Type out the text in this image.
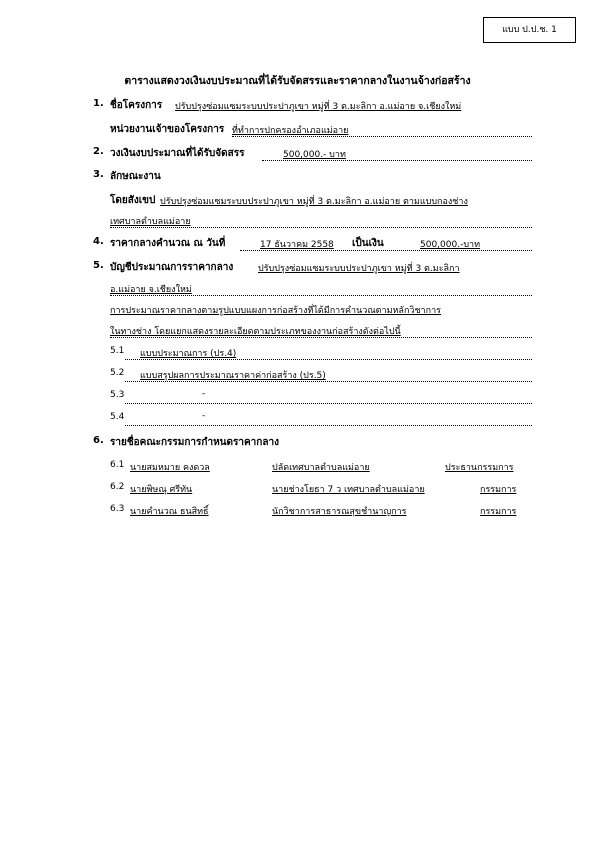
แบบ ป.ป.ช. 1
ตารางแสดงวงเงินงบประมาณที่ได้รับจัดสรรและราคากลางในงานจ้างก่อสร้าง
1. ชื่อโครงการ ปรับปรุงซ่อมแซมระบบประปาภูเขา หมู่ที่ 3 ต.มะลิกา อ.แม่อาย จ.เชียงใหม่
หน่วยงานเจ้าของโครงการ ที่ทำการปกครองอำเภอแม่อาย
2. วงเงินงบประมาณที่ได้รับจัดสรร	500,000.- บาท
3. ลักษณะงาน
โดยสังเขป ปรับปรุงซ่อมแซมระบบประปาภูเขา หมู่ที่ 3 ต.มะลิกา อ.แม่อาย ตามแบบกองช่าง
เทศบาลตำบลแม่อาย
4. ราคากลางคำนวณ ณ วันที่	17 ธันวาคม 2558 เป็นเงิน	500,000.-บาท
5. บัญชีประมาณการราคากลาง	ปรับปรุงซ่อมแซมระบบประปาภูเขา หมู่ที่ 3 ต.มะลิกา
อ.แม่อาย จ.เชียงใหม่
การประมาณราคากลางตามรูปแบบแผงการก่อสร้างที่ได้มีการคำนวณตามหลักวิชาการ
ในทางช่าง โดยแยกแสดงรายละเอียดตามประเภทของงานก่อสร้างดังต่อไปนี้
5.1 แบบประมาณการ (ปร.4)
5.2 แบบสรุปผลการประมาณราคาค่าก่อสร้าง (ปร.5)
5.3	-
5.4	-
6. รายชื่อคณะกรรมการกำหนดราคากลาง
6.1 นายสมหมาย คงดวล	ปลัดเทศบาลตำบลแม่อาย	ประธานกรรมการ
6.2 นายพิษณุ ศรีทัน	นายช่างโยธา 7 ว เทศบาลตำบลแม่อาย	กรรมการ
6.3 นายคำนวณ ธนสิทธิ์	นักวิชาการสาธารณสุขชำนาญการ	กรรมการ
